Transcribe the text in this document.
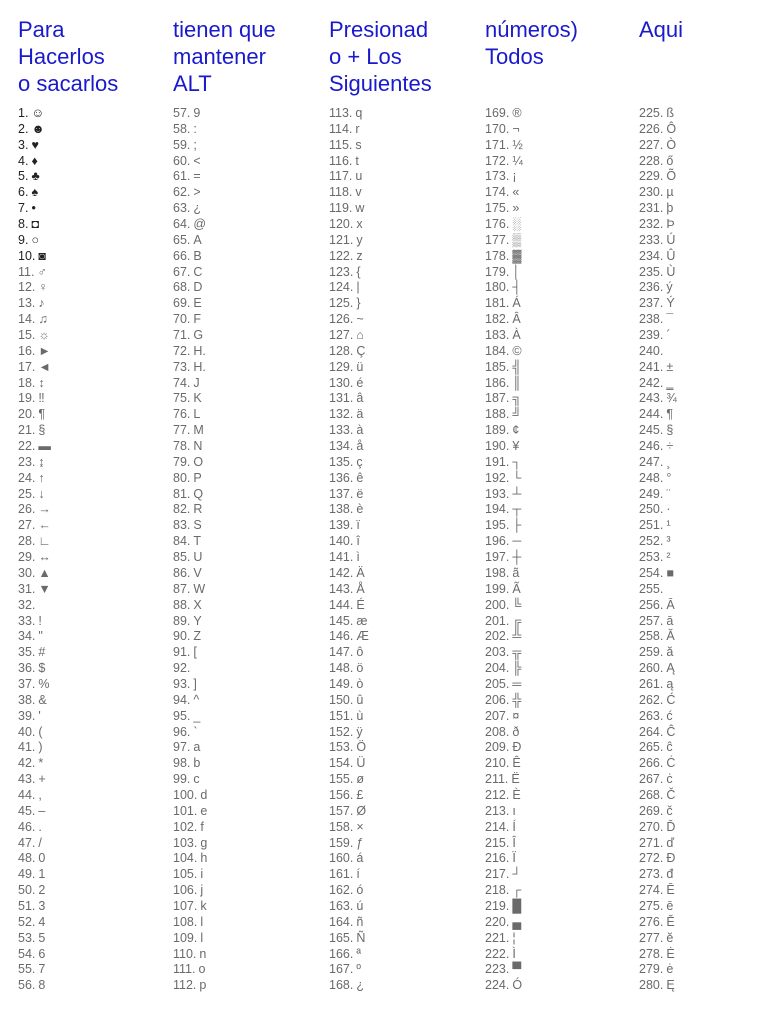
Para
Hacerlos
o sacarlos
tienen que
mantener
ALT
Presionad
o + Los
Siguientes
números)
Todos
Aqui
1. ☺
2. ☻
3. ♥
4. ♦
5. ♣
6. ♠
7. •
8. ◘
9. ○
10. ◙
11. ♂
12. ♀
13. ♪
14. ♫
15. ☼
16. ►
17. ◄
18. ↕
19. ‼
20. ¶
21. §
22. ▬
23. ↨
24. ↑
25. ↓
26. →
27. ←
28. ∟
29. ↔
30. ▲
31. ▼
32.
33. !
34. "
35. #
36. $
37. %
38. &
39. '
40. (
41. )
42. *
43. +
44. ,
45. –
46. .
47. /
48. 0
49. 1
50. 2
51. 3
52. 4
53. 5
54. 6
55. 7
56. 8
57. 9
58. :
59. ;
60. <
61. =
62. >
63. ¿
64. @
65. A
66. B
67. C
68. D
69. E
70. F
71. G
72. H.
73. H.
74. J
75. K
76. L
77. M
78. N
79. O
80. P
81. Q
82. R
83. S
84. T
85. U
86. V
87. W
88. X
89. Y
90. Z
91. [
92.
93. ]
94. ^
95. _
96. `
97. a
98. b
99. c
100. d
101. e
102. f
103. g
104. h
105. i
106. j
107. k
108. l
109. l
110. n
111. o
112. p
113. q
114. r
115. s
116. t
117. u
118. v
119. w
120. x
121. y
122. z
123. {
124. |
125. }
126. ~
127. ⌂
128. Ç
129. ü
130. é
131. â
132. ä
133. à
134. å
135. ç
136. ê
137. ë
138. è
139. ï
140. î
141. ì
142. Ä
143. Å
144. É
145. æ
146. Æ
147. ô
148. ö
149. ò
150. û
151. ù
152. ÿ
153. Ö
154. Ü
155. ø
156. £
157. Ø
158. ×
159. ƒ
160. á
161. í
162. ó
163. ú
164. ñ
165. Ñ
166. ª
167. º
168. ¿
169. ®
170. ¬
171. ½
172. ¼
173. ¡
174. «
175. »
176. ░
177. ▒
178. ▓
179. │
180. ┤
181. Á
182. Â
183. À
184. ©
185. ╣
186. ║
187. ╗
188. ╝
189. ¢
190. ¥
191. ┐
192. └
193. ┴
194. ┬
195. ├
196. ─
197. ┼
198. ã
199. Ã
200. ╚
201. ╔
202. ╩
203. ╦
204. ╠
205. ═
206. ╬
207. ¤
208. ð
209. Ð
210. Ê
211. Ë
212. È
213. ı
214. Í
215. Î
216. Ï
217. ┘
218. ┌
219. █
220. ▄
221. ¦
222. Ì
223. ▀
224. Ó
225. ß
226. Ô
227. Ò
228. ő
229. Õ
230. µ
231. þ
232. Þ
233. Ú
234. Û
235. Ù
236. ý
237. Ý
238. ¯
239. ´
240.
241. ±
242. ‗
243. ¾
244. ¶
245. §
246. ÷
247. ¸
248. °
249. ¨
250. ·
251. ¹
252. ³
253. ²
254. ■
255.
256. Ā
257. ā
258. Ă
259. ă
260. Ą
261. ą
262. Ć
263. ć
264. Ĉ
265. ĉ
266. Ċ
267. ċ
268. Č
269. č
270. Ď
271. ď
272. Đ
273. đ
274. Ē
275. ē
276. Ĕ
277. ĕ
278. Ė
279. ė
280. Ę
